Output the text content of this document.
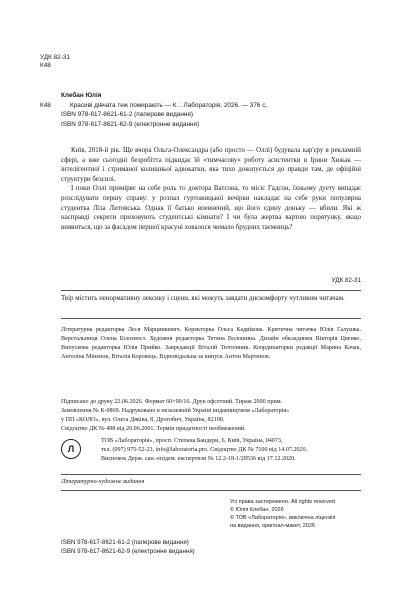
УДК 82-31
К48
Клебан Юлія
К48	Красиві дівчата теж помирають — К. : Лабораторія, 2026. — 376 с.
ISBN 978-617-8621-61-2 (паперове видання)
ISBN 978-617-8621-62-9 (електронне видання)

Київ, 2018-й рік. Ще вчора Ольга-Олександра (або просто — Оллі) будувала кар'єру в рекламній сфері, а вже сьогодні безробітта підкидає їй «тимчасову» роботу асистентки в Ірини Хижак — інтелігентної і стриманої колишньої адвокатки, яка тихо докопується до правди там, де офіційні структури безсилі.

І поки Оллі приміряє на себе роль то доктора Ватсона, то місіс Гадсон, їхньому дуету випадає розслідувати першу справу: у розпал гуртожицької вечірки накладає на себе руки популярна студентка Ліза Литовська. Однак її батько впевнений, що його єдину доньку — вбили. Які ж насправді секрети приховують студентські кімнати? І чи була жертва вартою порятунку, якщо виявиться, що за фасадом першої красуні ховалося чимало брудних таємниць?

УДК 82-31
Твір містить ненормативну лексику і сцени, які можуть завдати дискомфорту чутливим читачам.

Літературна редакторка Леся Марцинкевич. Коректорка Ольга Кадиїкова. Критична читачка Юлія Галушка. Верстальниця Олена Білохвост. Художня редакторка Тетяна Волошина. Дизайн обкладинки Вікторія Цвенко. Випускова редакторка Юлія Прийко. Завредакції Віталій Тютюнник. Координаторки редакції Марина Качак, Ангеліна Міненок, Віталія Коровець. Відповідальна за випуск Антон Мартинов.

Підписано до друку 22.06.2026. Формат 60×90/16. Друк офсетний. Тираж 2000 прим.

Замовлення № К-0869. Надруковано в незалежній Україні видавництвом «Лабораторія»

у ПП «КОЛО», вул. Олега Дяківа, 8, Дрогобич, Україна, 82100.

Свідоцтво ДК № 498 від 20.06.2001. Термін придатності необмежений.

Л

ТОВ «Лабораторія», просп. Степана Бандери, 6, Київ, Україна, 04073,

тел. (097) 975-52-23, info@laboratoria.pro. Свідоцтво ДК № 7100 від 14.07.2020.

Висновок Держ. сан.-епідем. експертизи № 12.2-18-1/28536 від 17.12.2020.

Літературно-художнє видання
ISBN 978-617-8621-61-2 (паперове видання)
ISBN 978-617-8621-62-9 (електронне видання)
Усі права застережено. All rights reserved
© Юлія Клебан, 2026
© ТОВ «Лабораторія», виключна ліцензія
на видання, оригінал-макет, 2026
